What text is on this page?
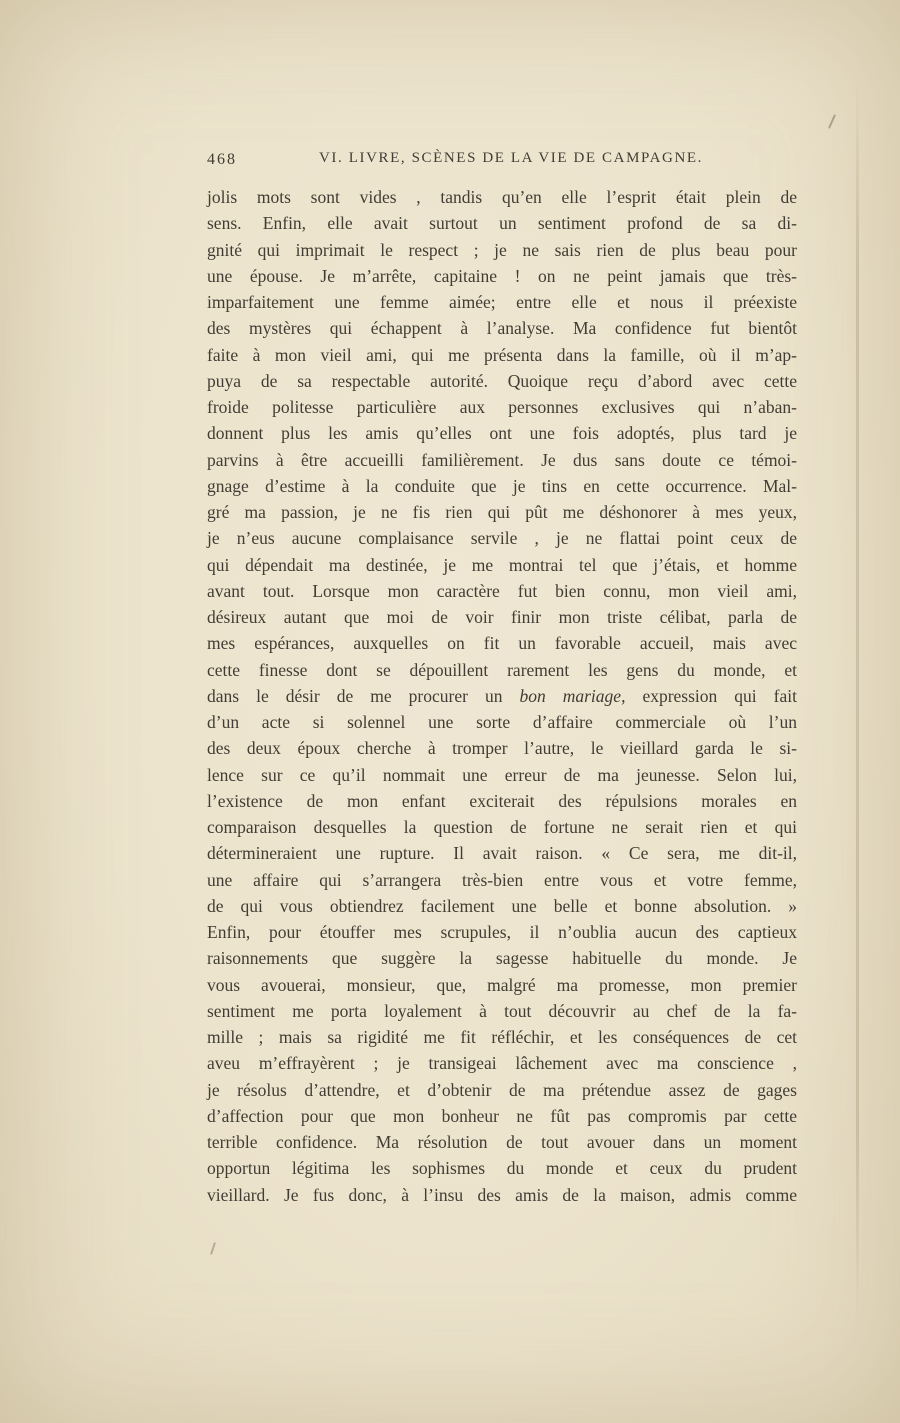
468	VI. LIVRE, SCÈNES DE LA VIE DE CAMPAGNE.
jolis mots sont vides , tandis qu’en elle l’esprit était plein de
sens. Enfin, elle avait surtout un sentiment profond de sa di-
gnité qui imprimait le respect ; je ne sais rien de plus beau pour
une épouse. Je m’arrête, capitaine ! on ne peint jamais que très-
imparfaitement une femme aimée; entre elle et nous il préexiste
des mystères qui échappent à l’analyse. Ma confidence fut bientôt
faite à mon vieil ami, qui me présenta dans la famille, où il m’ap-
puya de sa respectable autorité. Quoique reçu d’abord avec cette
froide politesse particulière aux personnes exclusives qui n’aban-
donnent plus les amis qu’elles ont une fois adoptés, plus tard je
parvins à être accueilli familièrement. Je dus sans doute ce témoi-
gnage d’estime à la conduite que je tins en cette occurrence. Mal-
gré ma passion, je ne fis rien qui pût me déshonorer à mes yeux,
je n’eus aucune complaisance servile , je ne flattai point ceux de
qui dépendait ma destinée, je me montrai tel que j’étais, et homme
avant tout. Lorsque mon caractère fut bien connu, mon vieil ami,
désireux autant que moi de voir finir mon triste célibat, parla de
mes espérances, auxquelles on fit un favorable accueil, mais avec
cette finesse dont se dépouillent rarement les gens du monde, et
dans le désir de me procurer un bon mariage, expression qui fait
d’un acte si solennel une sorte d’affaire commerciale où l’un
des deux époux cherche à tromper l’autre, le vieillard garda le si-
lence sur ce qu’il nommait une erreur de ma jeunesse. Selon lui,
l’existence de mon enfant exciterait des répulsions morales en
comparaison desquelles la question de fortune ne serait rien et qui
détermineraient une rupture. Il avait raison. « Ce sera, me dit-il,
une affaire qui s’arrangera très-bien entre vous et votre femme,
de qui vous obtiendrez facilement une belle et bonne absolution. »
Enfin, pour étouffer mes scrupules, il n’oublia aucun des captieux
raisonnements que suggère la sagesse habituelle du monde. Je
vous avouerai, monsieur, que, malgré ma promesse, mon premier
sentiment me porta loyalement à tout découvrir au chef de la fa-
mille ; mais sa rigidité me fit réfléchir, et les conséquences de cet
aveu m’effrayèrent ; je transigeai lâchement avec ma conscience ,
je résolus d’attendre, et d’obtenir de ma prétendue assez de gages
d’affection pour que mon bonheur ne fût pas compromis par cette
terrible confidence. Ma résolution de tout avouer dans un moment
opportun légitima les sophismes du monde et ceux du prudent
vieillard. Je fus donc, à l’insu des amis de la maison, admis comme
